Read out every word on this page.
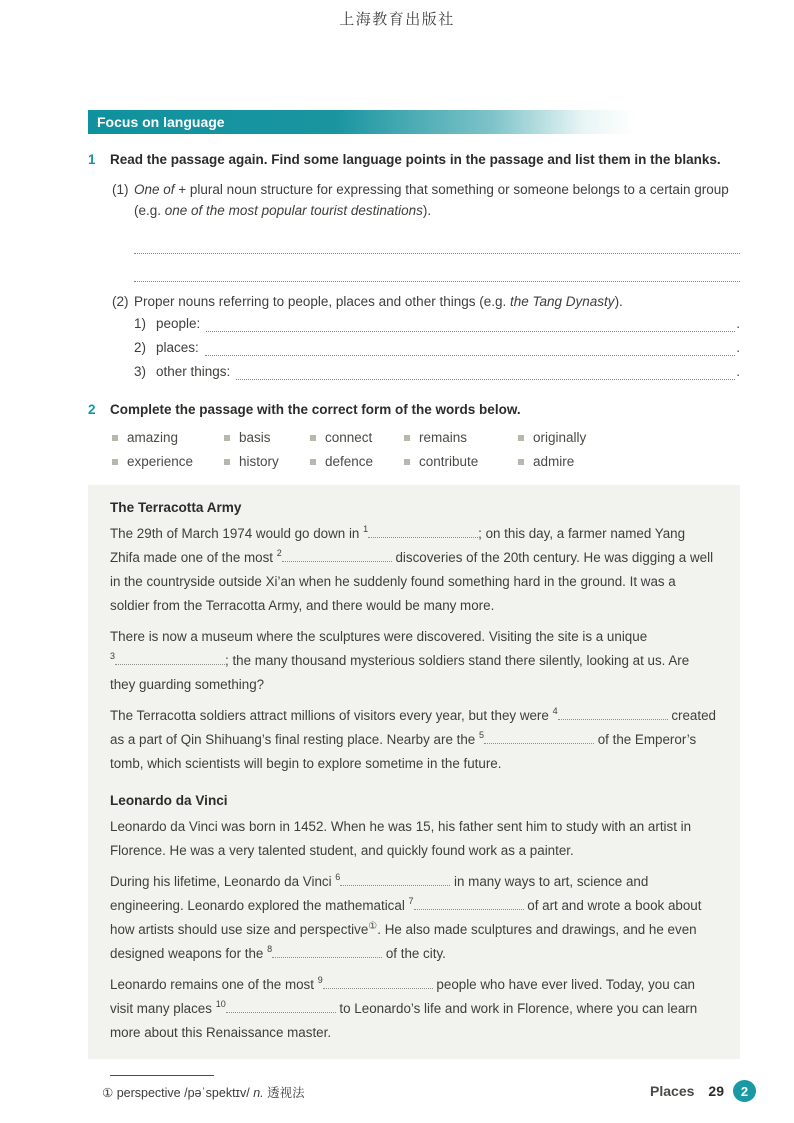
上海教育出版社
Focus on language
1	Read the passage again. Find some language points in the passage and list them in the blanks.
(1) One of + plural noun structure for expressing that something or someone belongs to a certain group (e.g. one of the most popular tourist destinations).
(2) Proper nouns referring to people, places and other things (e.g. the Tang Dynasty).
1) people:	.
2) places:	.
3) other things:	.
2	Complete the passage with the correct form of the words below.
amazing	basis	connect	remains	originally
experience	history	defence	contribute	admire
The Terracotta Army

The 29th of March 1974 would go down in $^1$	; on this day, a farmer named Yang Zhifa made one of the most $^2$	discoveries of the 20th century. He was digging a well in the countryside outside Xi’an when he suddenly found something hard in the ground. It was a soldier from the Terracotta Army, and there would be many more.

There is now a museum where the sculptures were discovered. Visiting the site is a unique $^3$	; the many thousand mysterious soldiers stand there silently, looking at us. Are they guarding something?

The Terracotta soldiers attract millions of visitors every year, but they were $^4$	created as a part of Qin Shihuang’s final resting place. Nearby are the $^5$	of the Emperor’s tomb, which scientists will begin to explore sometime in the future.

Leonardo da Vinci

Leonardo da Vinci was born in 1452. When he was 15, his father sent him to study with an artist in Florence. He was a very talented student, and quickly found work as a painter.

During his lifetime, Leonardo da Vinci $^6$	in many ways to art, science and engineering. Leonardo explored the mathematical $^7$	of art and wrote a book about how artists should use size and perspective①. He also made sculptures and drawings, and he even designed weapons for the $^8$	of the city.

Leonardo remains one of the most $^9$	people who have ever lived. Today, you can visit many places $^{10}$	to Leonardo’s life and work in Florence, where you can learn more about this Renaissance master.

① perspective /pəˈspektɪv/ n. 透视法	Places 29	2
